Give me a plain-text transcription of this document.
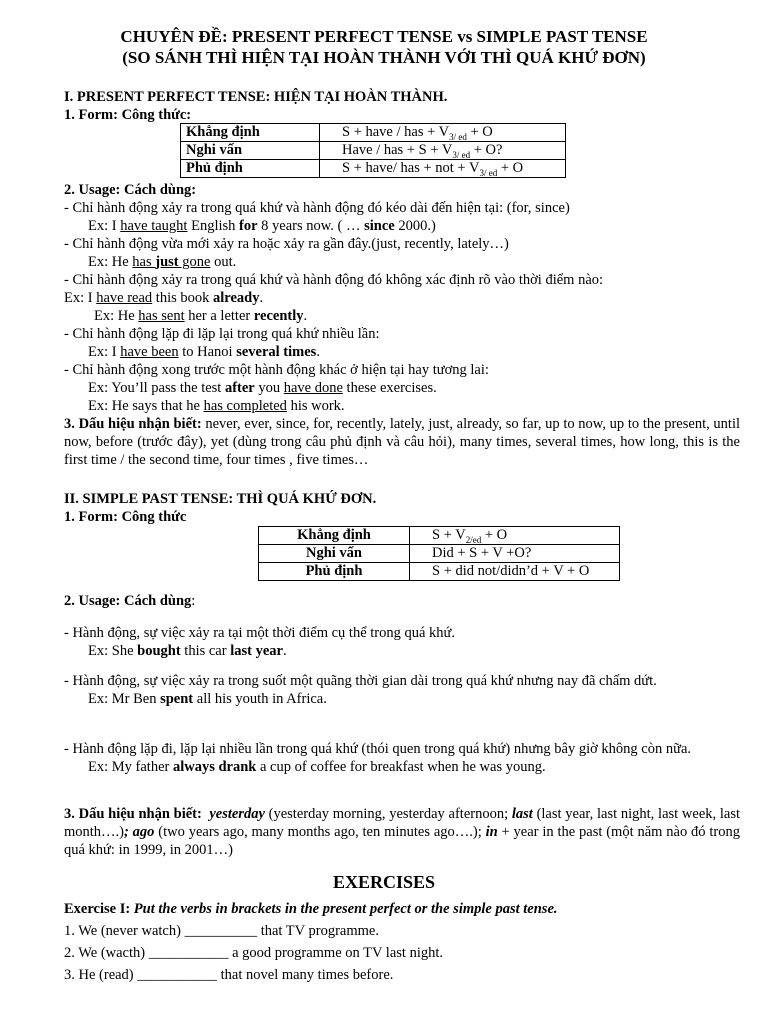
CHUYÊN ĐỀ: PRESENT PERFECT TENSE vs SIMPLE PAST TENSE

(SO SÁNH THÌ HIỆN TẠI HOÀN THÀNH VỚI THÌ QUÁ KHỨ ĐƠN)

I. PRESENT PERFECT TENSE: HIỆN TẠI HOÀN THÀNH.

1. Form: Công thức:

Khẳng định	S + have / has + $V_{3/ ed} + O$
Nghi vấn	Have / has + $S + V_{3/ ed} + O$?
Phủ định	S + have/ has + not + $V_{3/ ed} + O$

2. Usage: Cách dùng:

- Chỉ hành động xảy ra trong quá khứ và hành động đó kéo dài đến hiện tại: (for, since)

Ex: I have taught English for 8 years now. ( … since 2000.)

- Chỉ hành động vừa mới xảy ra hoặc xảy ra gần đây.(just, recently, lately…)

Ex: He has just gone out.

- Chỉ hành động xảy ra trong quá khứ và hành động đó không xác định rõ vào thời điểm nào:

Ex: I have read this book already.

Ex: He has sent her a letter recently.

- Chỉ hành động lặp đi lặp lại trong quá khứ nhiều lần:

Ex: I have been to Hanoi several times.

- Chỉ hành động xong trước một hành động khác ở hiện tại hay tương lai:

Ex: You’ll pass the test after you have done these exercises.

Ex: He says that he has completed his work.

3. Dấu hiệu nhận biết: never, ever, since, for, recently, lately, just, already, so far, up to now, up to the present, until now, before (trước đây), yet (dùng trong câu phủ định và câu hỏi), many times, several times, how long, this is the first time / the second time, four times , five times…

II. SIMPLE PAST TENSE: THÌ QUÁ KHỨ ĐƠN.

1. Form: Công thức

Khẳng định	$S + V_{2/ed} + O$
Nghi vấn	Did + S + V +O?
Phủ định	S + did not/didn’d + V + O

2. Usage: Cách dùng:

- Hành động, sự việc xảy ra tại một thời điểm cụ thể trong quá khứ.

Ex: She bought this car last year.

- Hành động, sự việc xảy ra trong suốt một quãng thời gian dài trong quá khứ nhưng nay đã chấm dứt.

Ex: Mr Ben spent all his youth in Africa.

- Hành động lặp đi, lặp lại nhiều lần trong quá khứ (thói quen trong quá khứ) nhưng bây giờ không còn nữa.

Ex: My father always drank a cup of coffee for breakfast when he was young.

3. Dấu hiệu nhận biết: yesterday (yesterday morning, yesterday afternoon; last (last year, last night, last week, last month….); ago (two years ago, many months ago, ten minutes ago….); in + year in the past (một năm nào đó trong quá khứ: in 1999, in 2001…)

EXERCISES

Exercise I: Put the verbs in brackets in the present perfect or the simple past tense.

1. We (never watch) __________ that TV programme.

2. We (wacth) ___________ a good programme on TV last night.

3. He (read) ___________ that novel many times before.
